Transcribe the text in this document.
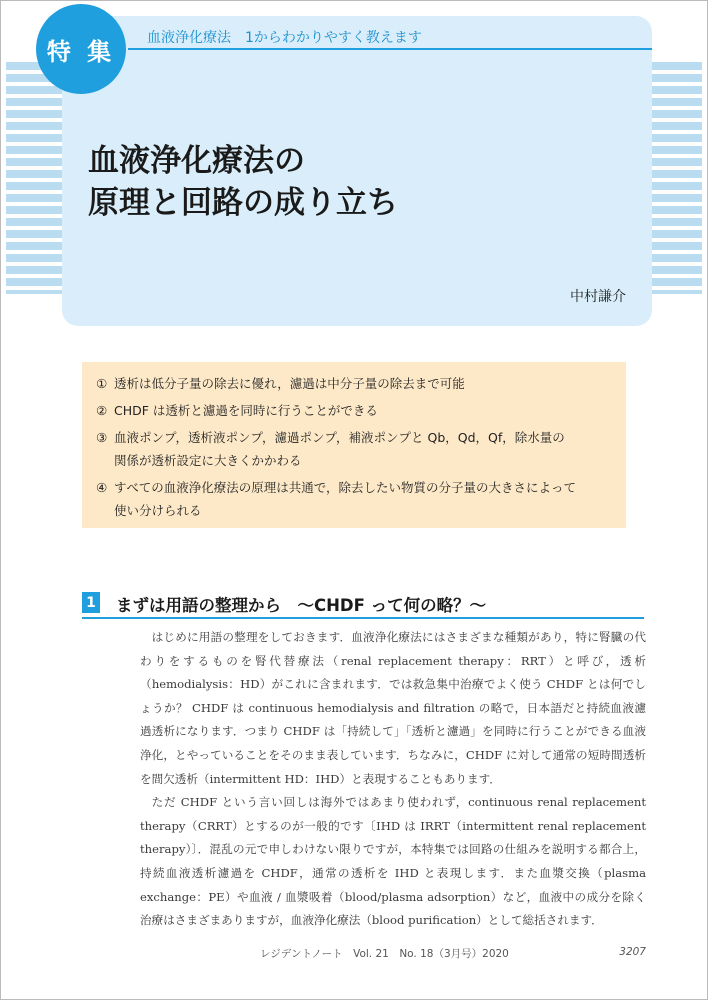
特 集	血液浄化療法　1からわかりやすく教えます
血液浄化療法の
原理と回路の成り立ち
中村謙介
① 透析は低分子量の除去に優れ，濾過は中分子量の除去まで可能
② CHDF は透析と濾過を同時に行うことができる
③ 血液ポンプ，透析液ポンプ，濾過ポンプ，補液ポンプと Qb，Qd，Qf，除水量の
関係が透析設定に大きくかかわる
④ すべての血液浄化療法の原理は共通で，除去したい物質の分子量の大きさによって
使い分けられる
1 まずは用語の整理から　～CHDF って何の略？～

はじめに用語の整理をしておきます．血液浄化療法にはさまざまな種類があり，特に腎臓の代わりをするものを腎代替療法（renal replacement therapy：RRT）と呼び，透析（hemodialysis：HD）がこれに含まれます．では救急集中治療でよく使う CHDF とは何でしょうか？ CHDF は continuous hemodialysis and filtration の略で，日本語だと持続血液濾過透析になります．つまり CHDF は「持続して」「透析と濾過」を同時に行うことができる血液浄化，とやっていることをそのまま表しています．ちなみに，CHDF に対して通常の短時間透析を間欠透析（intermittent HD：IHD）と表現することもあります．

ただ CHDF という言い回しは海外ではあまり使われず，continuous renal replacement therapy（CRRT）とするのが一般的です〔IHD は IRRT（intermittent renal replacement therapy）〕．混乱の元で申しわけない限りですが，本特集では回路の仕組みを説明する都合上，持続血液透析濾過を CHDF，通常の透析を IHD と表現します．また血漿交換（plasma exchange：PE）や血液 / 血漿吸着（blood/plasma adsorption）など，血液中の成分を除く治療はさまざまありますが，血液浄化療法（blood purification）として総括されます．

レジデントノート　Vol. 21　No. 18（3月号）2020	3207
